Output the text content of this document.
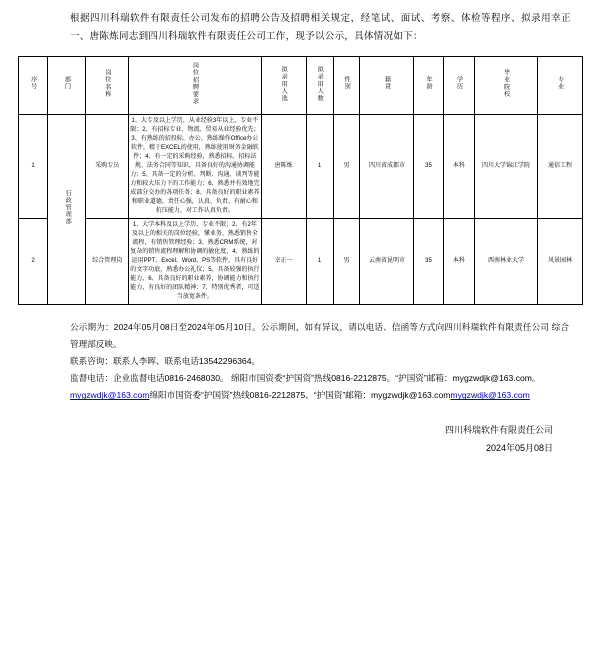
根据四川科瑞软件有限责任公司发布的招聘公告及招聘相关规定，经笔试、面试、考察、体检等程序、拟录用幸正一、唐陈炼同志到四川科瑞软件有限责任公司工作，现予以公示，具体情况如下：

序号	部门	岗位名称	岗位招聘要求	拟录用人选	拟录用人数	性别	籍贯	年龄	学历	毕业院校	专业
1	行政管理部	采购专员	1、大专及以上学历，从业经验3年以上，专业不限；2、有招标专业、物流、贸易从业经验优先；3、有熟练的招投标、办公、熟练操作Office办公软件，精于EXCEL的使用，熟练使用财务金融软件；4、有一定的采购经验，熟悉招标、招标法规、法务合同等知识，具备良好的沟通协调能力；5、具备一定的分析、判断、沟通、谈判等能力和较大压力下的工作能力；6、熟悉并有效地完成部分交办的各项任务；8、具备良好的职业素养和职业道德，责任心强，认真、负责、有耐心和抗压能力，对工作认真负责。	唐陈炼	1	男	四川省成都市	35	本科	四川大学锦江学院	通信工程
2		综合管理岗	1、大学本科及以上学历，专业不限；2、有2年及以上的相关的岗位经验，懂业务、熟悉销售全流程，有销售管理经验；3、熟悉CRM系统，对复杂的销售流程理解和协调的敏化度，4、熟练的运用PPT、Excel、Word、PS等软件，具有良好的文字功底，熟悉办公礼仪；5、具备较强的执行能力，6、具备良好的职业素养，协调能力和执行能力，有良好的团队精神；7、特别优秀者，可适当放宽条件。	幸正一	1	男	云南省昆明市	35	本科	西南林业大学	风景园林
公示期为：2024年05月08日至2024年05月10日。公示期间，如有异议，请以电话、信函等方式向四川科瑞软件有限责任公司 综合管理部反映。
联系咨询：联系人李晖、联系电话13542296364。
监督电话：企业监督电话0816-2468030。 绵阳市国资委“护国资”热线0816-2212875。“护国资”邮箱：mygzwdjk@163.com。
mygzwdjk@163.com绵阳市国资委“护国资”热线0816-2212875、“护国资”邮箱：mygzwdjk@163.commygzwdjk@163.com
四川科瑞软件有限责任公司
2024年05月08日
